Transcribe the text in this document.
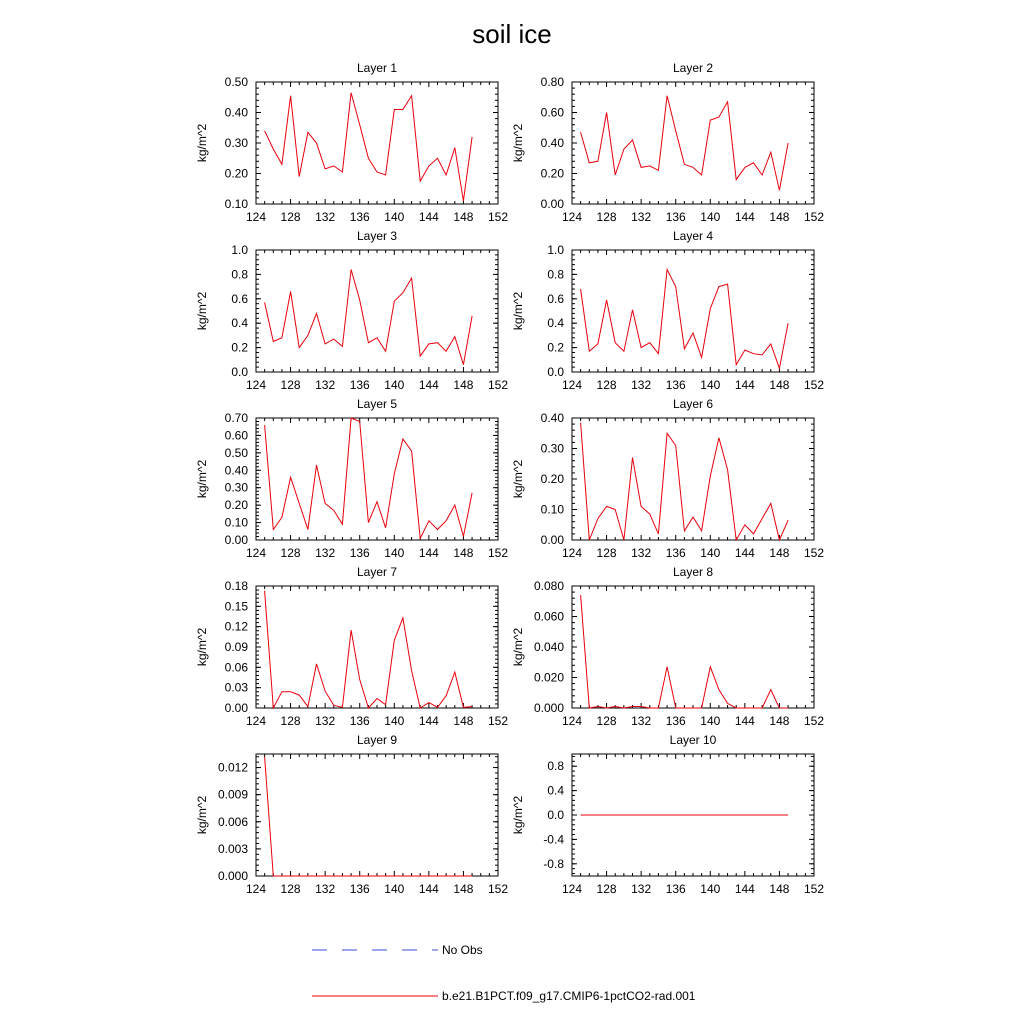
soil ice
Layer 1
124 128 132 136 140 144 148 152
0.10
0.20
0.30
0.40
0.50
kg/m^2
Layer 2
124 128 132 136 140 144 148 152
0.00
0.20
0.40
0.60
0.80
kg/m^2
Layer 3
124 128 132 136 140 144 148 152
0.0
0.2
0.4
0.6
0.8
1.0
kg/m^2
Layer 4
124 128 132 136 140 144 148 152
0.0
0.2
0.4
0.6
0.8
1.0
kg/m^2
Layer 5
124 128 132 136 140 144 148 152
0.00
0.10
0.20
0.30
0.40
0.50
0.60
0.70
kg/m^2
Layer 6
124 128 132 136 140 144 148 152
0.00
0.10
0.20
0.30
0.40
kg/m^2
Layer 7
124 128 132 136 140 144 148 152
0.00
0.03
0.06
0.09
0.12
0.15
0.18
kg/m^2
Layer 8
124 128 132 136 140 144 148 152
0.000
0.020
0.040
0.060
0.080
kg/m^2
Layer 9
124 128 132 136 140 144 148 152
0.000
0.003
0.006
0.009
0.012
kg/m^2
Layer 10
124 128 132 136 140 144 148 152
-0.8
-0.4
0.0
0.4
0.8
kg/m^2
No Obs
b.e21.B1PCT.f09_g17.CMIP6-1pctCO2-rad.001
